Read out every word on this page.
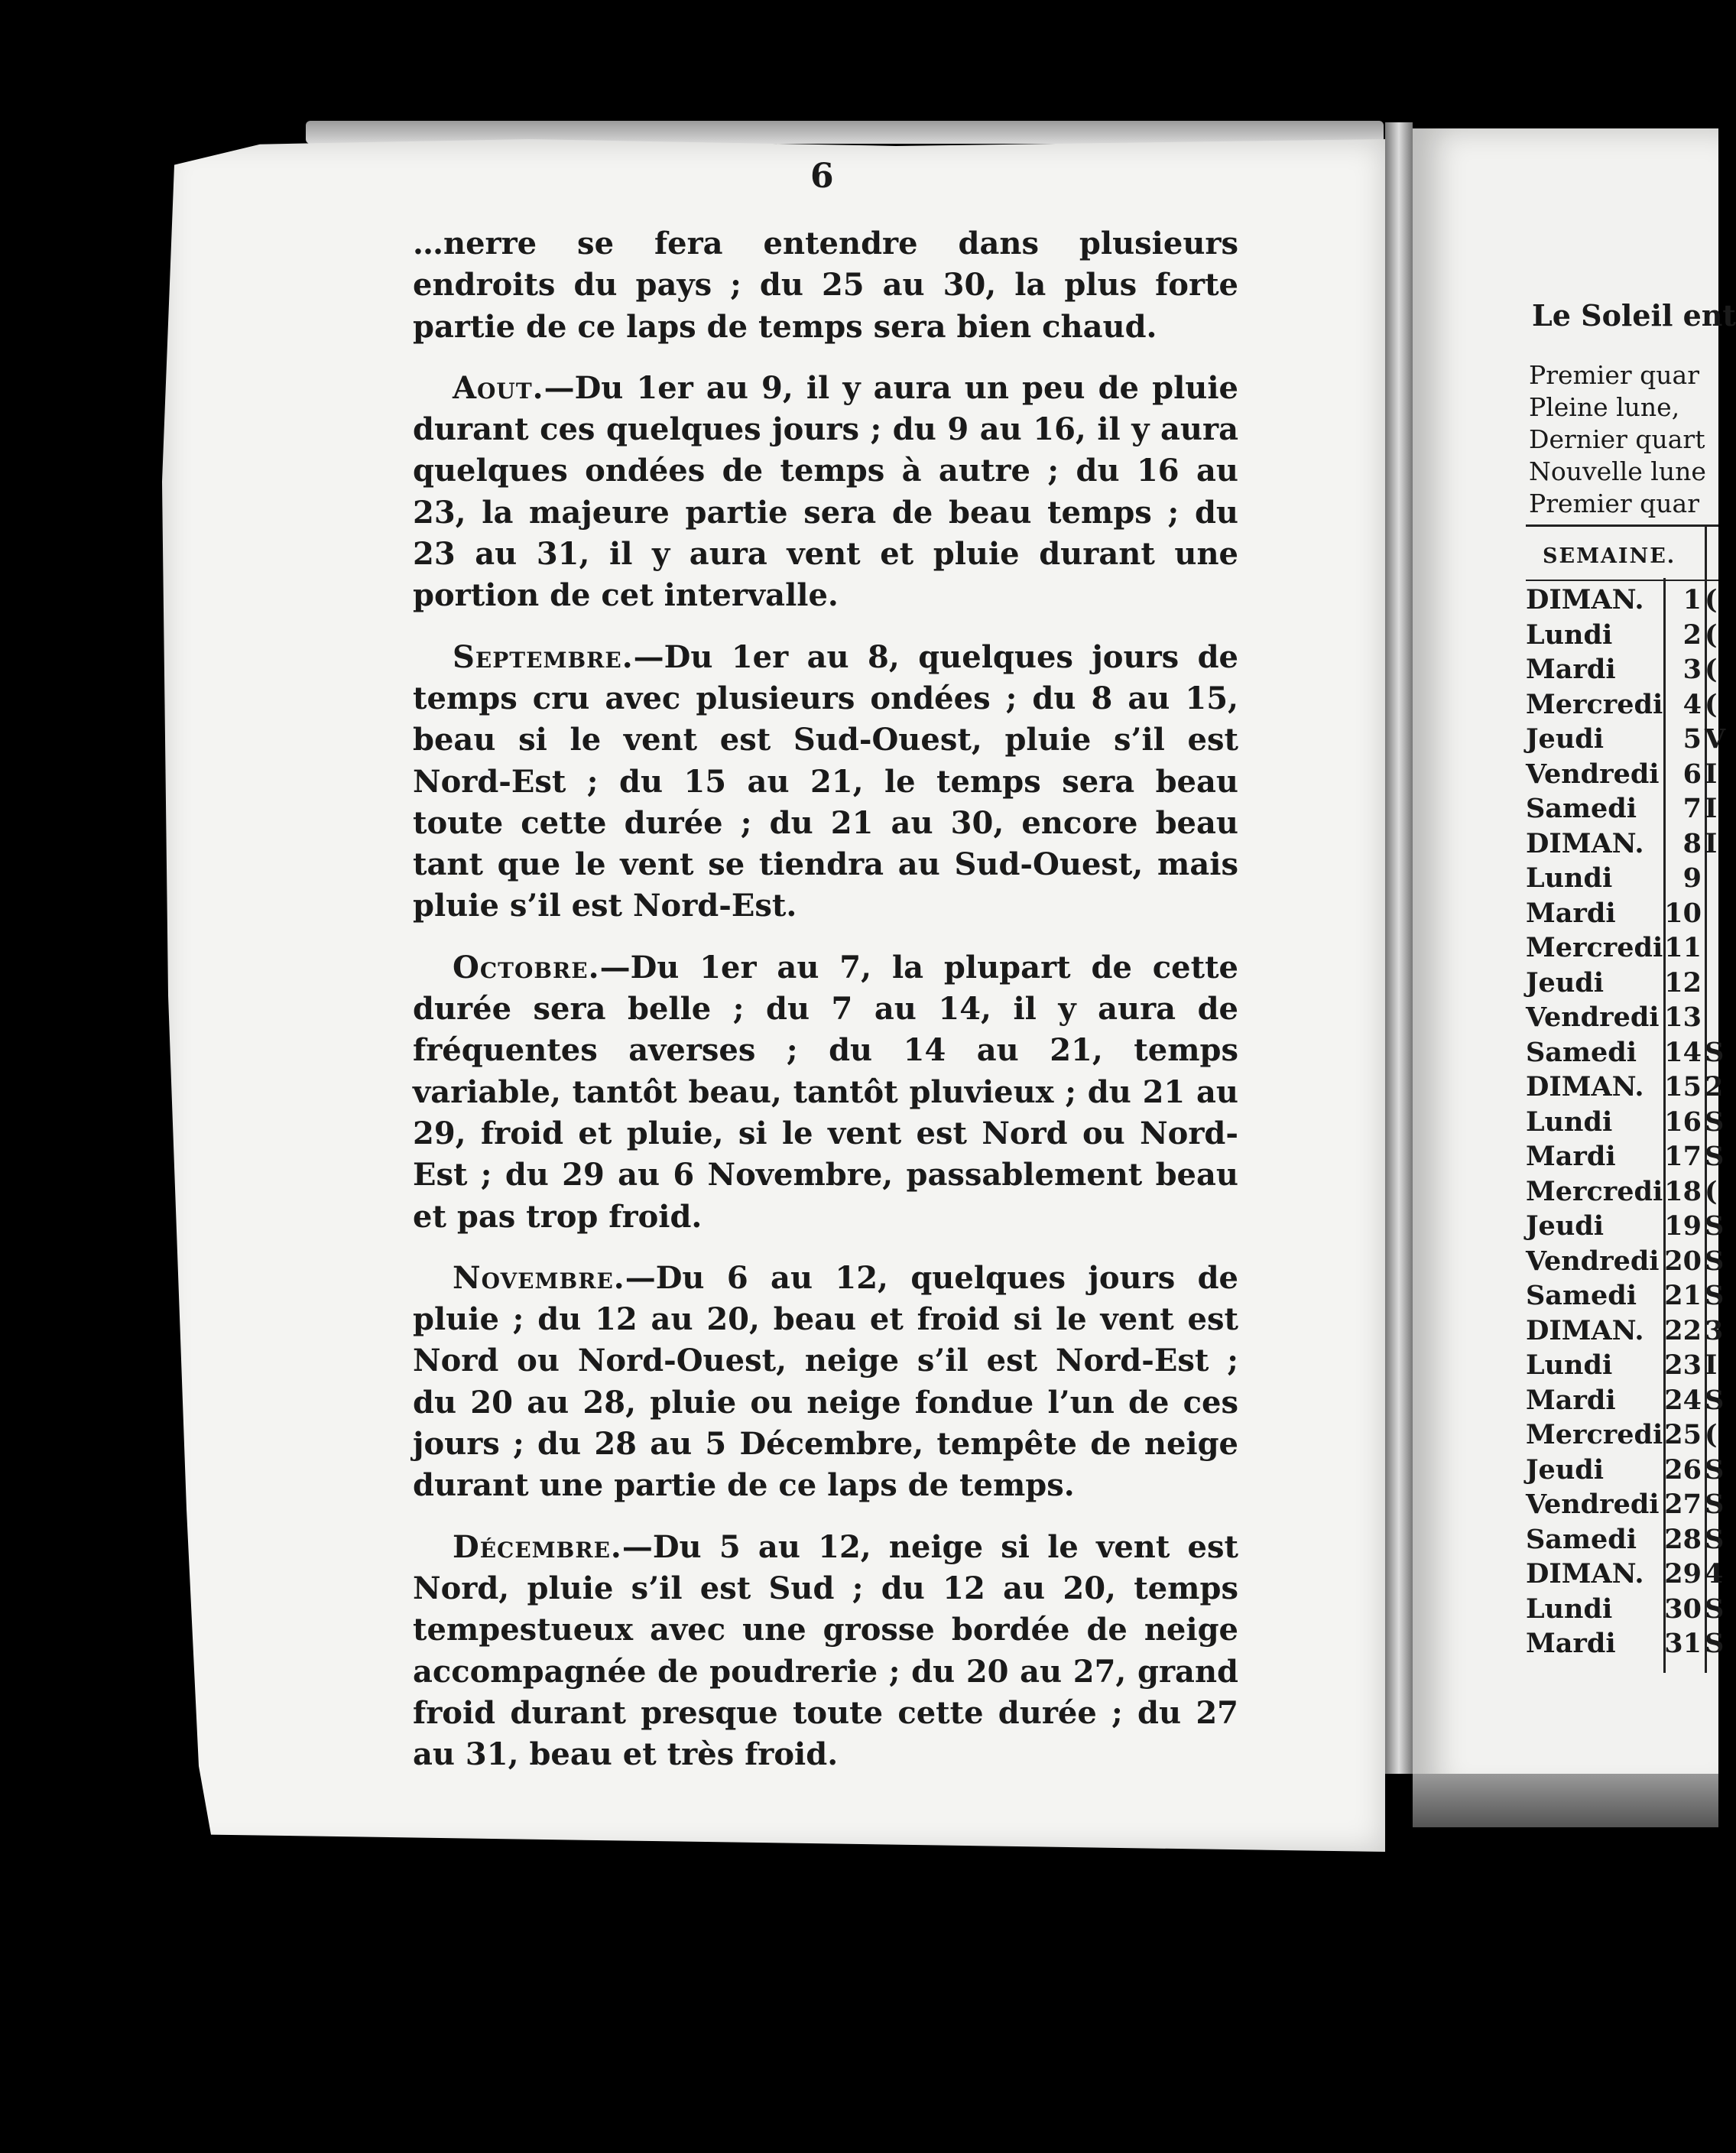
6

…nerre se fera entendre dans plusieurs endroits du pays ; du 25 au 30, la plus forte partie de ce laps de temps sera bien chaud.

Aout.—Du 1er au 9, il y aura un peu de pluie durant ces quelques jours ; du 9 au 16, il y aura quelques ondées de temps à autre ; du 16 au 23, la majeure partie sera de beau temps ; du 23 au 31, il y aura vent et pluie durant une portion de cet intervalle.

Septembre.—Du 1er au 8, quelques jours de temps cru avec plusieurs ondées ; du 8 au 15, beau si le vent est Sud-Ouest, pluie s’il est Nord-Est ; du 15 au 21, le temps sera beau toute cette durée ; du 21 au 30, encore beau tant que le vent se tiendra au Sud-Ouest, mais pluie s’il est Nord-Est.

Octobre.—Du 1er au 7, la plupart de cette durée sera belle ; du 7 au 14, il y aura de fréquentes averses ; du 14 au 21, temps variable, tantôt beau, tantôt pluvieux ; du 21 au 29, froid et pluie, si le vent est Nord ou Nord-Est ; du 29 au 6 Novembre, passablement beau et pas trop froid.

Novembre.—Du 6 au 12, quelques jours de pluie ; du 12 au 20, beau et froid si le vent est Nord ou Nord-Ouest, neige s’il est Nord-Est ; du 20 au 28, pluie ou neige fondue l’un de ces jours ; du 28 au 5 Décembre, tempête de neige durant une partie de ce laps de temps.

Décembre.—Du 5 au 12, neige si le vent est Nord, pluie s’il est Sud ; du 12 au 20, temps tempestueux avec une grosse bordée de neige accompagnée de poudrerie ; du 20 au 27, grand froid durant presque toute cette durée ; du 27 au 31, beau et très froid.

Le Soleil ent
Premier quar
Pleine lune,
Dernier quart
Nouvelle lune
Premier quar
SEMAINE.
DIMAN.	1 (
Lundi	2 (
Mardi	3 (
Mercredi 4 (
Jeudi	5 V
Vendredi 6 I
Samedi	7 I
DIMAN.	8 I
Lundi	9
Mardi	10
Mercredi 11
Jeudi	12
Vendredi 13
Samedi	14 S
DIMAN. 15 2
Lundi	16 S
Mardi	17 S
Mercredi 18 (
Jeudi	19 S
Vendredi 20 S
Samedi	21 S
DIMAN. 22 3
Lundi	23 I
Mardi	24 S
Mercredi 25 (
Jeudi	26 S
Vendredi 27 S
Samedi	28 S
DIMAN. 29 4
Lundi	30 S
Mardi	31 S
